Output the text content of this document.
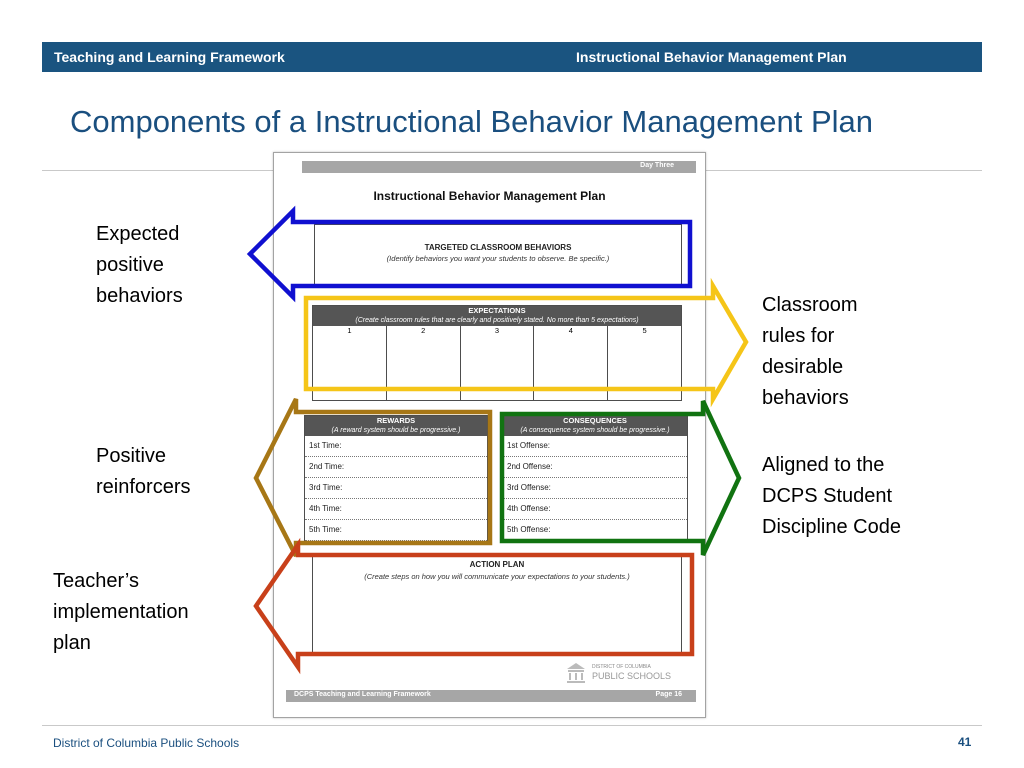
Teaching and Learning Framework	Instructional Behavior Management Plan
Components of a Instructional Behavior Management Plan
Day Three
Instructional Behavior Management Plan
TARGETED CLASSROOM BEHAVIORS
(Identify behaviors you want your students to observe. Be specific.)
EXPECTATIONS
(Create classroom rules that are clearly and positively stated. No more than 5 expectations)
1	2	3	4	5
REWARDS
(A reward system should be progressive.)
1st Time:
2nd Time:
3rd Time:
4th Time:
5th Time:
CONSEQUENCES
(A consequence system should be progressive.)
1st Offense:
2nd Offense:
3rd Offense:
4th Offense:
5th Offense:
ACTION PLAN
(Create steps on how you will communicate your expectations to your students.)
DISTRICT OF COLUMBIA
PUBLIC SCHOOLS
DCPS Teaching and Learning Framework	Page 16
Expected
positive
behaviors	Classroom
rules for
desirable
behaviors
Positive
reinforcers
Aligned to the
DCPS Student
Discipline Code
Teacher’s
implementation
plan
District of Columbia Public Schools	41
